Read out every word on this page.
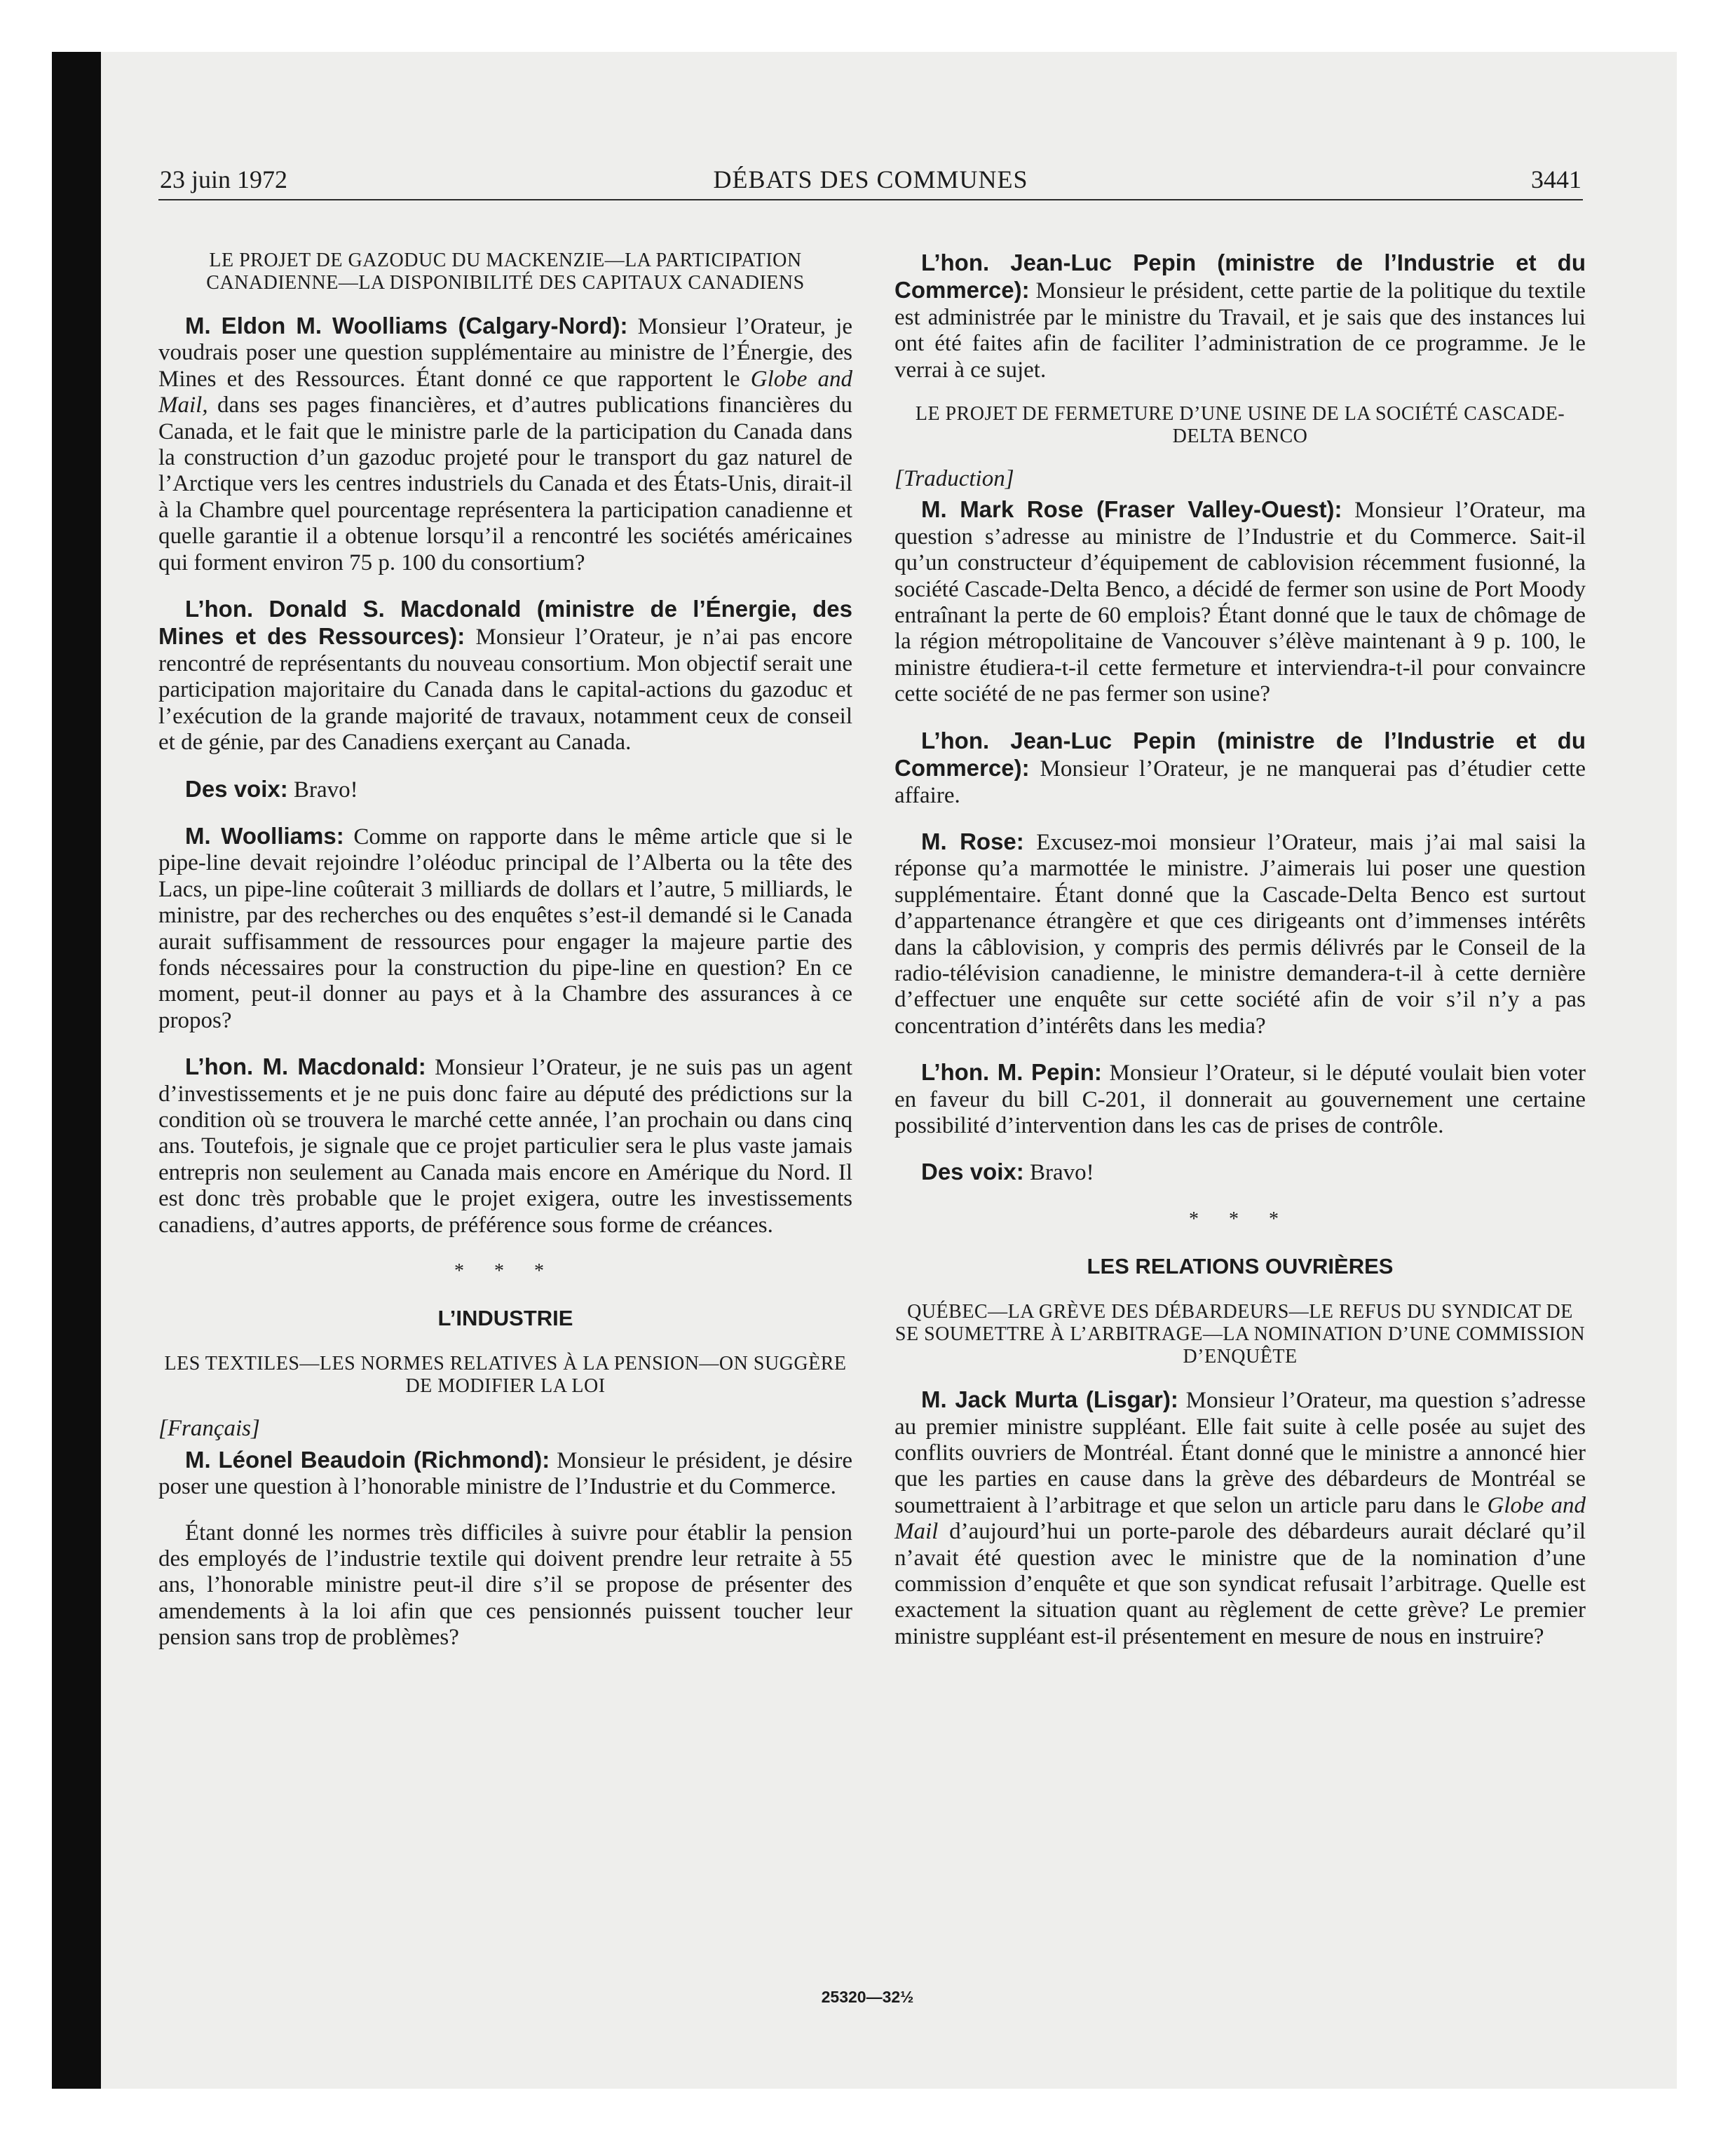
23 juin 1972	DÉBATS DES COMMUNES	3441
LE PROJET DE GAZODUC DU MACKENZIE—LA PARTICIPATION CANADIENNE—LA DISPONIBILITÉ DES CAPITAUX CANADIENS

M. Eldon M. Woolliams (Calgary-Nord): Monsieur l’Orateur, je voudrais poser une question supplémentaire au ministre de l’Énergie, des Mines et des Ressources. Étant donné ce que rapportent le Globe and Mail, dans ses pages financières, et d’autres publications financières du Canada, et le fait que le ministre parle de la participation du Canada dans la construction d’un gazoduc projeté pour le transport du gaz naturel de l’Arctique vers les centres industriels du Canada et des États-Unis, dirait-il à la Chambre quel pourcentage représentera la participation canadienne et quelle garantie il a obtenue lorsqu’il a rencontré les sociétés américaines qui forment environ 75 p. 100 du consortium?

L’hon. Donald S. Macdonald (ministre de l’Énergie, des Mines et des Ressources): Monsieur l’Orateur, je n’ai pas encore rencontré de représentants du nouveau consortium. Mon objectif serait une participation majoritaire du Canada dans le capital-actions du gazoduc et l’exécution de la grande majorité de travaux, notamment ceux de conseil et de génie, par des Canadiens exerçant au Canada.

Des voix: Bravo!

M. Woolliams: Comme on rapporte dans le même article que si le pipe-line devait rejoindre l’oléoduc principal de l’Alberta ou la tête des Lacs, un pipe-line coûterait 3 milliards de dollars et l’autre, 5 milliards, le ministre, par des recherches ou des enquêtes s’est-il demandé si le Canada aurait suffisamment de ressources pour engager la majeure partie des fonds nécessaires pour la construction du pipe-line en question? En ce moment, peut-il donner au pays et à la Chambre des assurances à ce propos?

L’hon. M. Macdonald: Monsieur l’Orateur, je ne suis pas un agent d’investissements et je ne puis donc faire au député des prédictions sur la condition où se trouvera le marché cette année, l’an prochain ou dans cinq ans. Toutefois, je signale que ce projet particulier sera le plus vaste jamais entrepris non seulement au Canada mais encore en Amérique du Nord. Il est donc très probable que le projet exigera, outre les investissements canadiens, d’autres apports, de préférence sous forme de créances.

* * *
L’INDUSTRIE
LES TEXTILES—LES NORMES RELATIVES À LA PENSION—ON SUGGÈRE DE MODIFIER LA LOI
[Français]

M. Léonel Beaudoin (Richmond): Monsieur le président, je désire poser une question à l’honorable ministre de l’Industrie et du Commerce.

Étant donné les normes très difficiles à suivre pour établir la pension des employés de l’industrie textile qui doivent prendre leur retraite à 55 ans, l’honorable ministre peut-il dire s’il se propose de présenter des amendements à la loi afin que ces pensionnés puissent toucher leur pension sans trop de problèmes?

L’hon. Jean-Luc Pepin (ministre de l’Industrie et du Commerce): Monsieur le président, cette partie de la politique du textile est administrée par le ministre du Travail, et je sais que des instances lui ont été faites afin de faciliter l’administration de ce programme. Je le verrai à ce sujet.

LE PROJET DE FERMETURE D’UNE USINE DE LA SOCIÉTÉ CASCADE-DELTA BENCO
[Traduction]

M. Mark Rose (Fraser Valley-Ouest): Monsieur l’Orateur, ma question s’adresse au ministre de l’Industrie et du Commerce. Sait-il qu’un constructeur d’équipement de cablovision récemment fusionné, la société Cascade-Delta Benco, a décidé de fermer son usine de Port Moody entraînant la perte de 60 emplois? Étant donné que le taux de chômage de la région métropolitaine de Vancouver s’élève maintenant à 9 p. 100, le ministre étudiera-t-il cette fermeture et interviendra-t-il pour convaincre cette société de ne pas fermer son usine?

L’hon. Jean-Luc Pepin (ministre de l’Industrie et du Commerce): Monsieur l’Orateur, je ne manquerai pas d’étudier cette affaire.

M. Rose: Excusez-moi monsieur l’Orateur, mais j’ai mal saisi la réponse qu’a marmottée le ministre. J’aimerais lui poser une question supplémentaire. Étant donné que la Cascade-Delta Benco est surtout d’appartenance étrangère et que ces dirigeants ont d’immenses intérêts dans la câblovision, y compris des permis délivrés par le Conseil de la radio-télévision canadienne, le ministre demandera-t-il à cette dernière d’effectuer une enquête sur cette société afin de voir s’il n’y a pas concentration d’intérêts dans les media?

L’hon. M. Pepin: Monsieur l’Orateur, si le député voulait bien voter en faveur du bill C-201, il donnerait au gouvernement une certaine possibilité d’intervention dans les cas de prises de contrôle.

Des voix: Bravo!

* * *
LES RELATIONS OUVRIÈRES
QUÉBEC—LA GRÈVE DES DÉBARDEURS—LE REFUS DU SYNDICAT DE SE SOUMETTRE À L’ARBITRAGE—LA NOMINATION D’UNE COMMISSION D’ENQUÊTE

M. Jack Murta (Lisgar): Monsieur l’Orateur, ma question s’adresse au premier ministre suppléant. Elle fait suite à celle posée au sujet des conflits ouvriers de Montréal. Étant donné que le ministre a annoncé hier que les parties en cause dans la grève des débardeurs de Montréal se soumettraient à l’arbitrage et que selon un article paru dans le Globe and Mail d’aujourd’hui un porte-parole des débardeurs aurait déclaré qu’il n’avait été question avec le ministre que de la nomination d’une commission d’enquête et que son syndicat refusait l’arbitrage. Quelle est exactement la situation quant au règlement de cette grève? Le premier ministre suppléant est-il présentement en mesure de nous en instruire?

25320—32½
